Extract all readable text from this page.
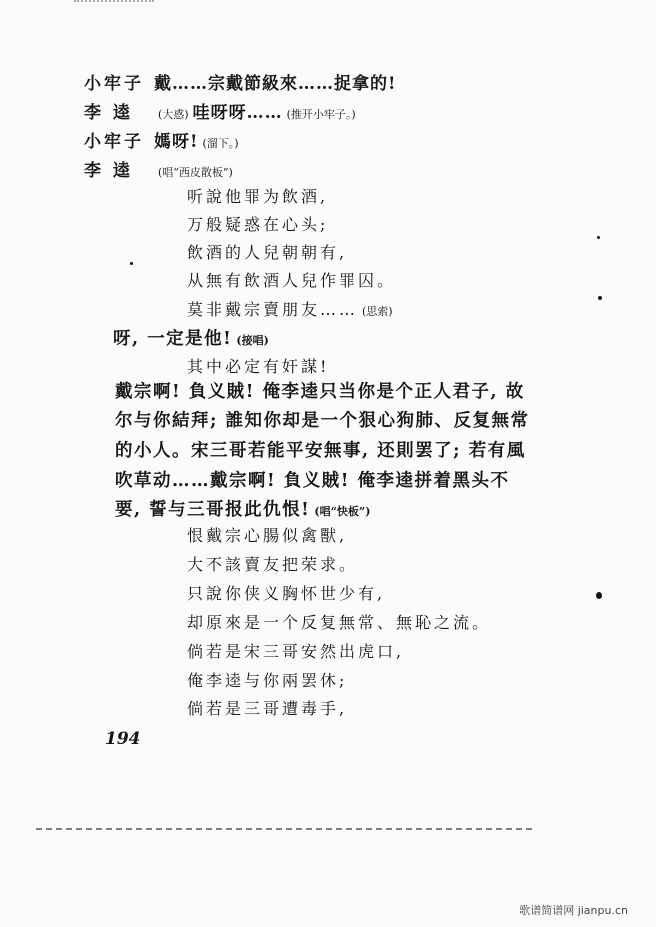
小牢子 戴……宗戴節級來……捉拿的!
李 逵 (大惑) 哇呀呀…… (推开小牢子。)
小牢子 媽呀! (溜下。)
李 逵 (唱“西皮散板”)
听說他罪为飲酒,
万般疑惑在心头;
飲酒的人兒朝朝有,
从無有飲酒人兒作罪囚。
莫非戴宗賣朋友…… (思索)
呀, 一定是他! (接唱)
其中必定有奸謀!
戴宗啊! 負义賊! 俺李逵只当你是个正人君子, 故
尔与你結拜; 誰知你却是一个狠心狗肺、反复無常
的小人。宋三哥若能平安無事, 还則罢了; 若有風
吹草动……戴宗啊! 負义賊! 俺李逵拼着黑头不
要, 誓与三哥报此仇恨! (唱“快板”)
恨戴宗心腸似禽獸,
大不該賣友把荣求。
只說你侠义胸怀世少有,
却原來是一个反复無常、無恥之流。
倘若是宋三哥安然出虎口,
俺李逵与你兩罢休;
倘若是三哥遭毒手,
194
歌谱简谱网 jianpu.cn
